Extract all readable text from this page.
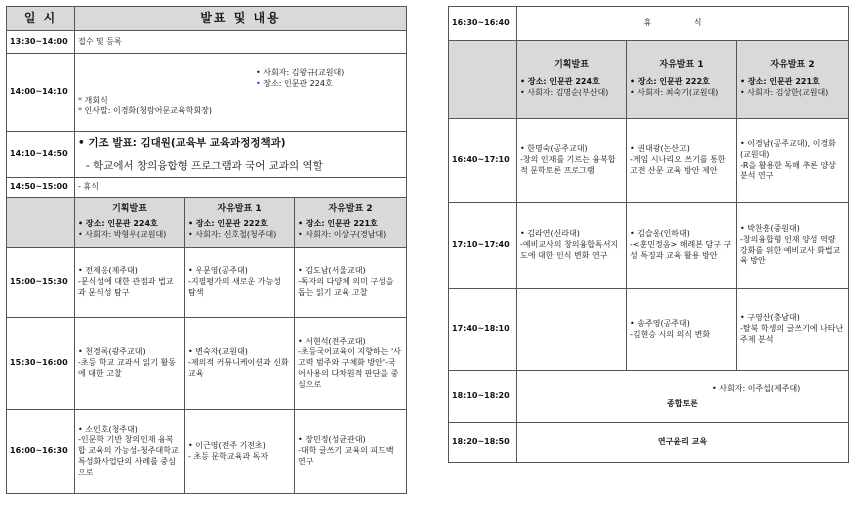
일 시	발표 및 내용		
13:30~14:00	접수 및 등록		
14:00~14:10	• 사회자: 김왕규(교원대)
• 장소: 인문관 224호
* 개회식
* 인사말: 이경화(청람어문교육학회장)

14:10~14:50	• 기조 발표: 김대원(교육부 교육과정정책과)
- 학교에서 창의융합형 프로그램과 국어 교과의 역할

14:50~15:00	- 휴식		

	기획발표
• 장소: 인문관 224호
• 사회자: 박형우(교원대)	자유발표 1
• 장소: 인문관 222호
• 사회자: 신호철(청주대)	자유발표 2
• 장소: 인문관 221호
• 사회자: 이상구(경남대)

15:00~15:30	• 전제응(제주대)
-문식성에 대한 관점과 법교과 문식성 탐구	• 우문영(공주대)
-지필평가의 새로운 가능성 탐색	• 김도남(서울교대)
-독자의 다양체 의미 구성을 돕는 읽기 교육 고찰

15:30~16:00	• 천경록(광주교대)
-초등 학교 교과서 읽기 활동에 대한 고찰	• 변숙자(교원대)
-제의적 커뮤니케이션과 신화교육	• 서현석(전주교대)
-초등국어교육이 지향하는 '사고력 범주와 구체화 방안'-국어사용의 다차원적 판단을 중심으로

16:00~16:30	• 소인호(청주대)
-인문학 기반 창의인재 융복합 교육의 가능성-청주대학교 특성화사업단의 사례를 중심으로	• 이근영(전주 기전초)
- 초등 문학교육과 독자	• 장민정(성균관대)
-대학 글쓰기 교육의 피드백 연구
16:30~16:40	휴 식		

	기획발표
• 장소: 인문관 224호
• 사회자: 김명순(부산대)	자유발표 1
• 장소: 인문관 222호
• 사회자: 최숙기(교원대)	자유발표 2
• 장소: 인문관 221호
• 사회자: 김상한(교원대)

16:40~17:10	• 한명숙(공주교대)
-창의 인재를 기르는 융복합적 문학토론 프로그램	• 권대광(논산고)
-게임 시나리오 쓰기를 통한 고전 산문 교육 방안 제안	• 이경남(공주교대), 이경화(교원대)
-R을 활용한 독해 추론 양상 분석 연구

17:10~17:40	• 김라연(신라대)
-예비교사의 창의융합독서지도에 대한 인식 변화 연구	• 김슬옹(인하대)
-<훈민정음> 해례본 담구 구성 특징과 교육 활용 방안	• 박찬흥(중원대)
-창의융합형 인재 양성 역량 강화를 위한 예비교사 화법교육 방안

17:40~18:10		• 송주영(공주대)
-김현승 시의 의식 변화	• 구영산(충남대)
-탈북 학생의 글쓰기에 나타난 주제 분석

18:10~18:20	• 사회자: 이주섭(제주대)
종합토론

18:20~18:50	연구윤리 교육		
